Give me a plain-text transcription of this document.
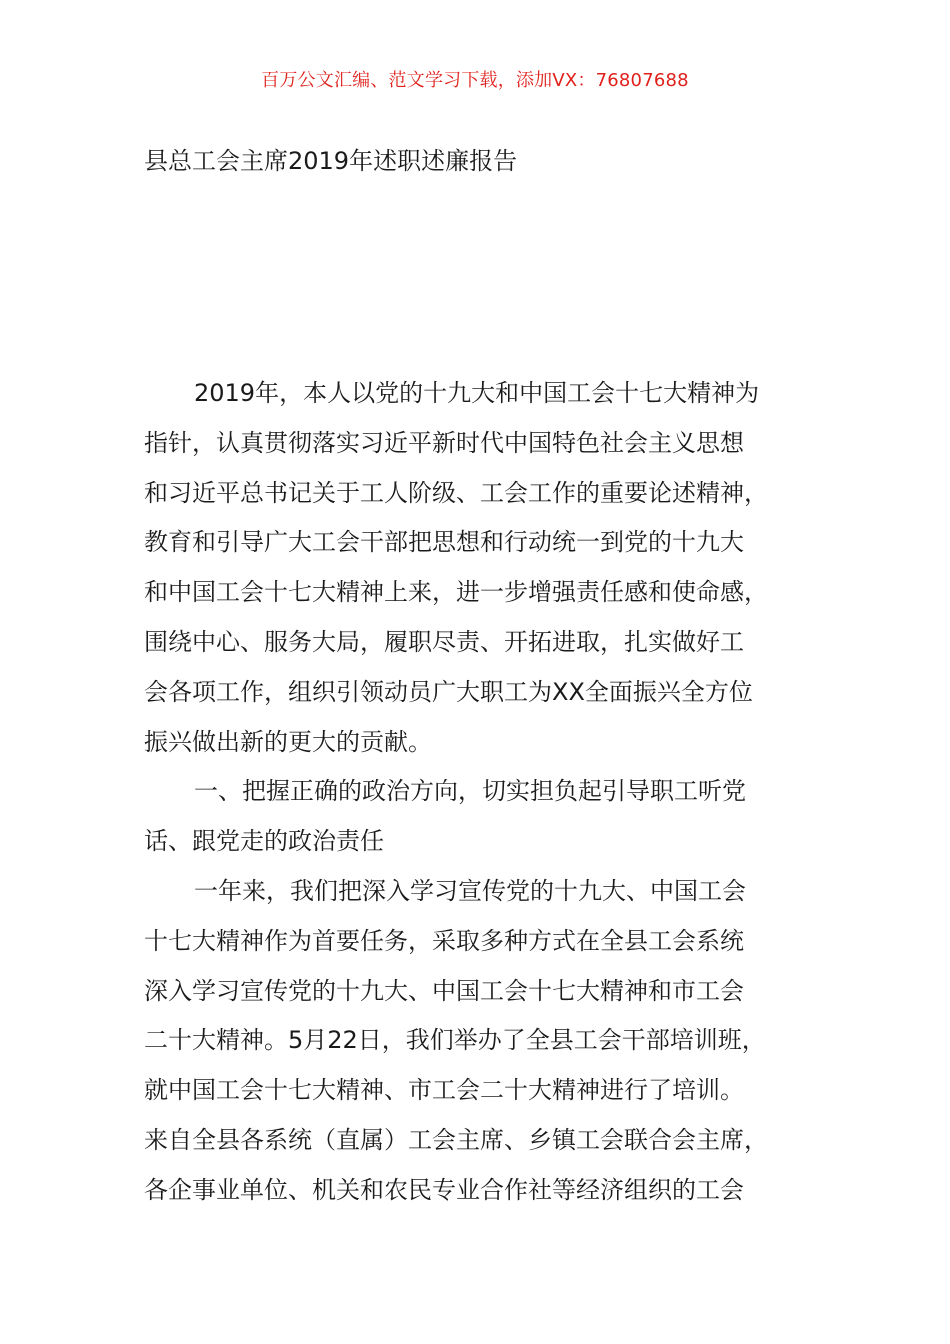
百万公文汇编、范文学习下载，添加VX：76807688
县总工会主席2019年述职述廉报告

2019年，本人以党的十九大和中国工会十七大精神为
指针，认真贯彻落实习近平新时代中国特色社会主义思想
和习近平总书记关于工人阶级、工会工作的重要论述精神，
教育和引导广大工会干部把思想和行动统一到党的十九大
和中国工会十七大精神上来，进一步增强责任感和使命感，
围绕中心、服务大局，履职尽责、开拓进取，扎实做好工
会各项工作，组织引领动员广大职工为XX全面振兴全方位
振兴做出新的更大的贡献。

一、把握正确的政治方向，切实担负起引导职工听党
话、跟党走的政治责任

一年来，我们把深入学习宣传党的十九大、中国工会
十七大精神作为首要任务，采取多种方式在全县工会系统
深入学习宣传党的十九大、中国工会十七大精神和市工会
二十大精神。5月22日，我们举办了全县工会干部培训班，
就中国工会十七大精神、市工会二十大精神进行了培训。
来自全县各系统（直属）工会主席、乡镇工会联合会主席，
各企事业单位、机关和农民专业合作社等经济组织的工会
